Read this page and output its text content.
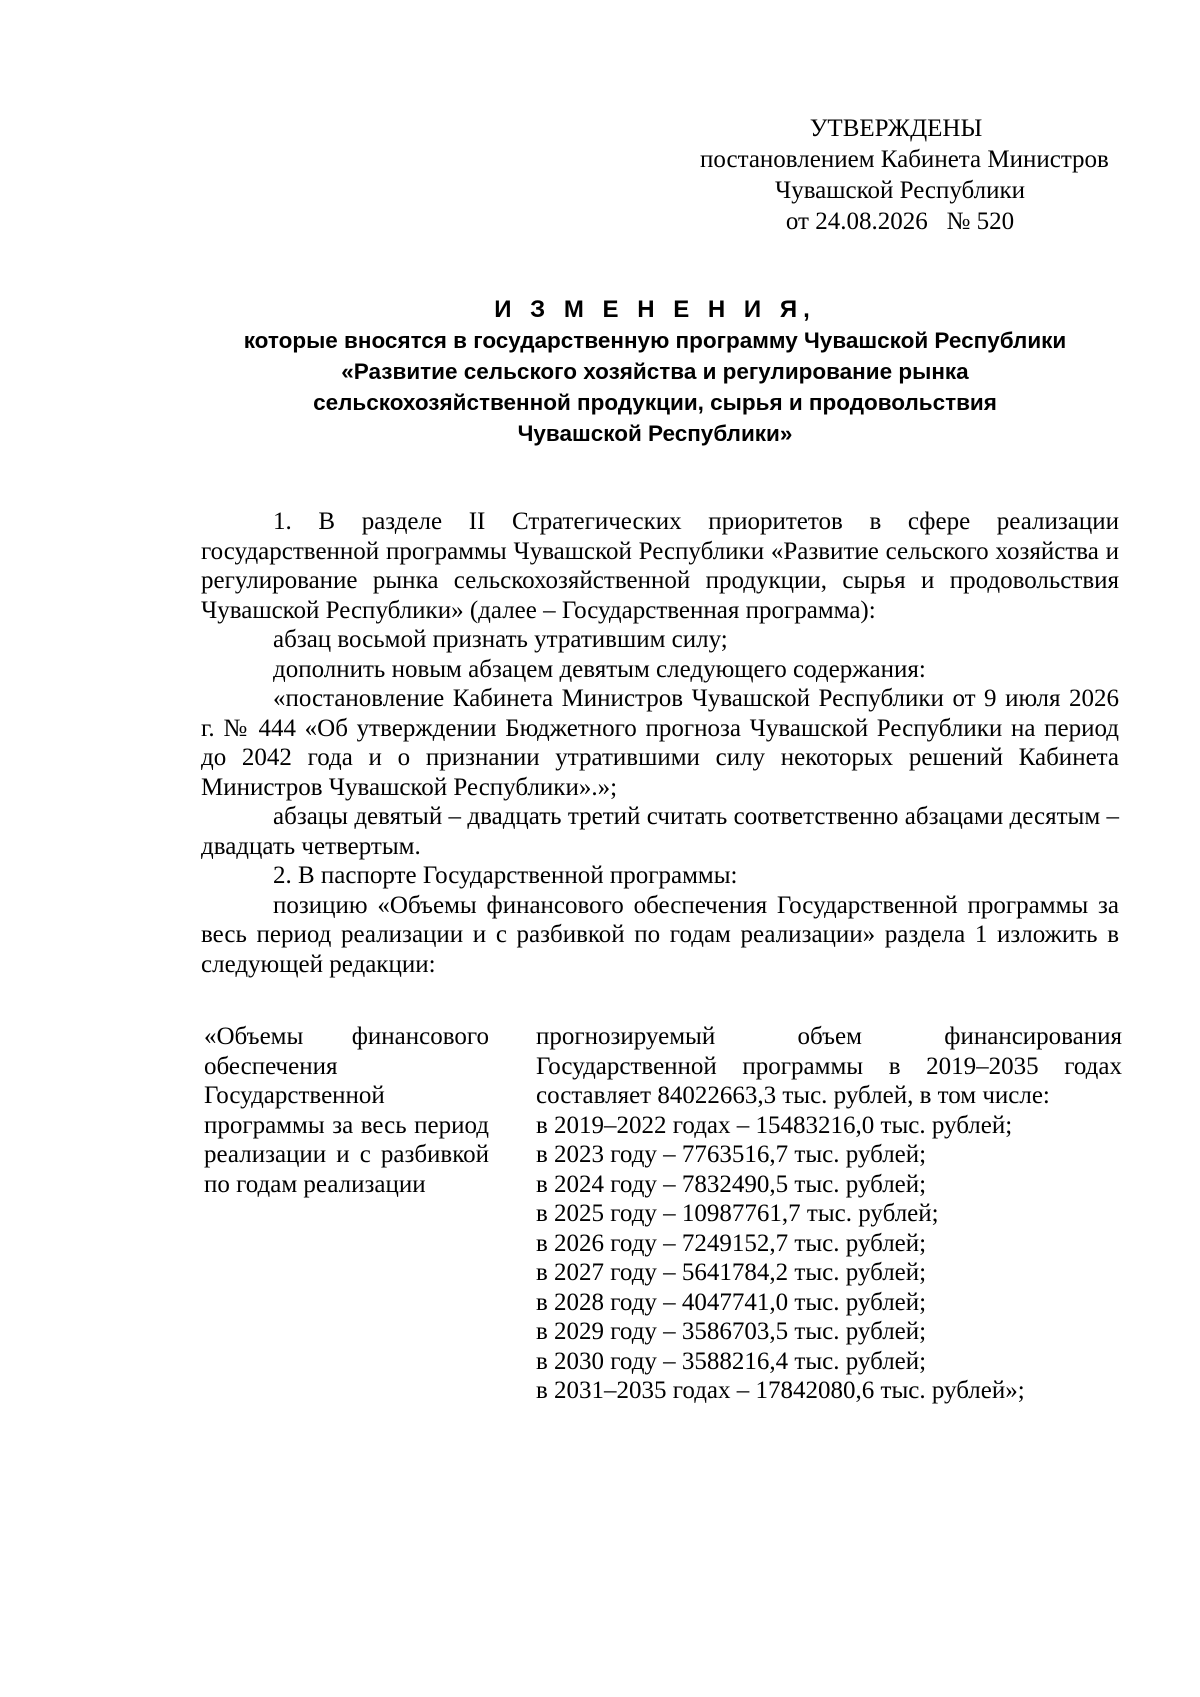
УТВЕРЖДЕНЫ
постановлением Кабинета Министров
Чувашской Республики
от 24.08.2026   № 520
И З М Е Н Е Н И Я,
которые вносятся в государственную программу Чувашской Республики
«Развитие сельского хозяйства и регулирование рынка
сельскохозяйственной продукции, сырья и продовольствия
Чувашской Республики»

1. В разделе II Стратегических приоритетов в сфере реализации государственной программы Чувашской Республики «Развитие сельского хозяйства и регулирование рынка сельскохозяйственной продукции, сырья и продовольствия Чувашской Республики» (далее – Государственная программа):

абзац восьмой признать утратившим силу;

дополнить новым абзацем девятым следующего содержания:

«постановление Кабинета Министров Чувашской Республики от 9 июля 2026 г. № 444 «Об утверждении Бюджетного прогноза Чувашской Республики на период до 2042 года и о признании утратившими силу некоторых решений Кабинета Министров Чувашской Республики».»;

абзацы девятый – двадцать третий считать соответственно абзацами десятым – двадцать четвертым.

2. В паспорте Государственной программы:

позицию «Объемы финансового обеспечения Государственной программы за весь период реализации и с разбивкой по годам реализации» раздела 1 изложить в следующей редакции:

«Объемы финансового обеспечения Государственной программы за весь период реализации и с разбивкой по годам реализации
прогнозируемый объем финансирования Государственной программы в 2019–2035 годах составляет 84022663,3 тыс. рублей, в том числе:
в 2019–2022 годах – 15483216,0 тыс. рублей;
в 2023 году – 7763516,7 тыс. рублей;
в 2024 году – 7832490,5 тыс. рублей;
в 2025 году – 10987761,7 тыс. рублей;
в 2026 году – 7249152,7 тыс. рублей;
в 2027 году – 5641784,2 тыс. рублей;
в 2028 году – 4047741,0 тыс. рублей;
в 2029 году – 3586703,5 тыс. рублей;
в 2030 году – 3588216,4 тыс. рублей;
в 2031–2035 годах – 17842080,6 тыс. рублей»;
